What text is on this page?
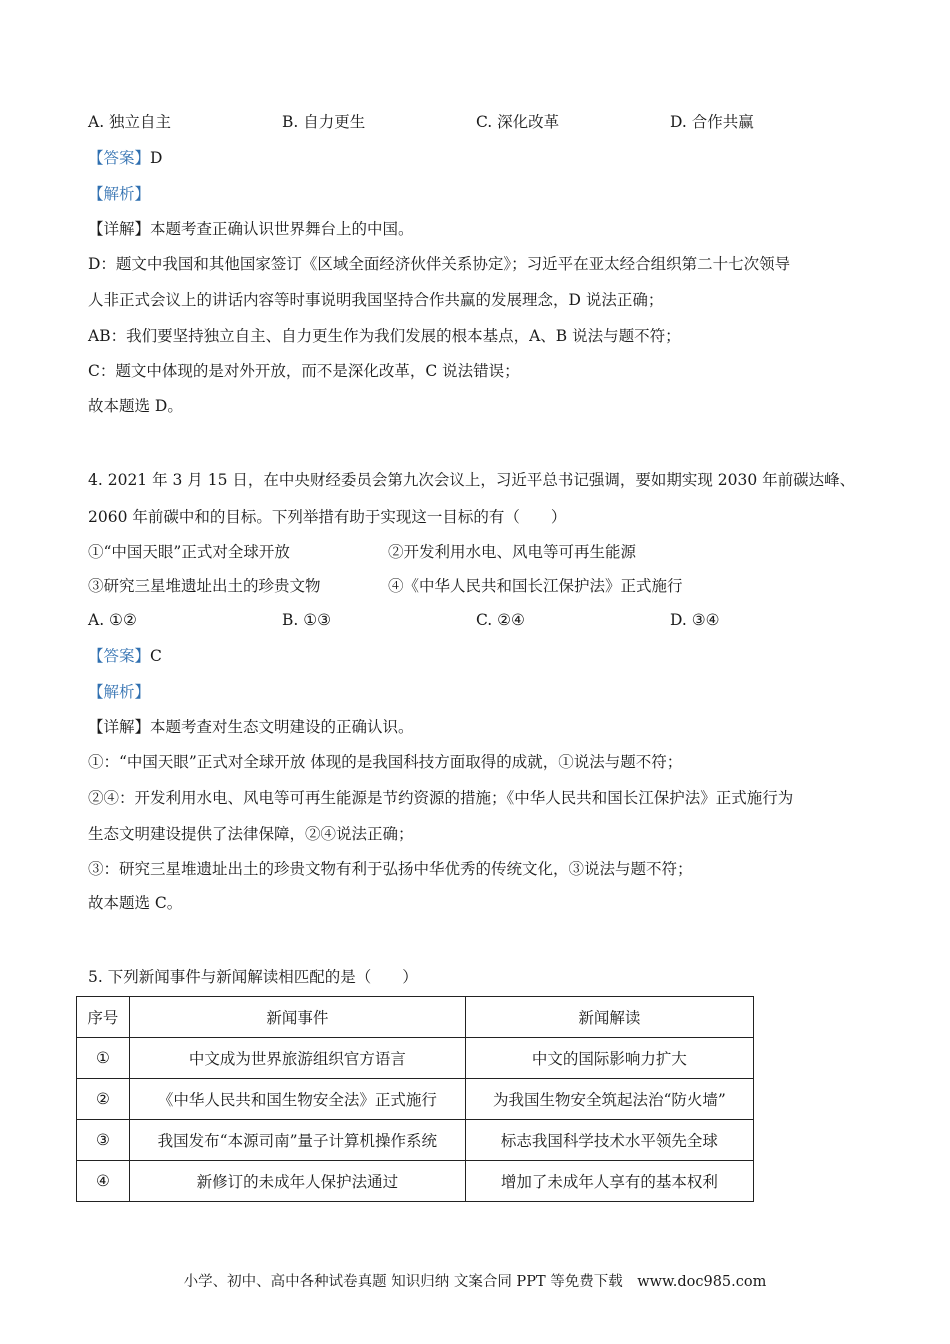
A. 独立自主	B. 自力更生	C. 深化改革	D. 合作共赢
【答案】D
【解析】
【详解】本题考查正确认识世界舞台上的中国。
D：题文中我国和其他国家签订《区域全面经济伙伴关系协定》；习近平在亚太经合组织第二十七次领导
人非正式会议上的讲话内容等时事说明我国坚持合作共赢的发展理念，D 说法正确；
AB：我们要坚持独立自主、自力更生作为我们发展的根本基点，A、B 说法与题不符；
C：题文中体现的是对外开放，而不是深化改革，C 说法错误；
故本题选 D。
4. 2021 年 3 月 15 日，在中央财经委员会第九次会议上，习近平总书记强调，要如期实现 2030 年前碳达峰、
2060 年前碳中和的目标。下列举措有助于实现这一目标的有（　　）
①“中国天眼”正式对全球开放	②开发利用水电、风电等可再生能源
③研究三星堆遗址出土的珍贵文物	④《中华人民共和国长江保护法》正式施行
A. ①②	B. ①③	C. ②④	D. ③④
【答案】C
【解析】
【详解】本题考查对生态文明建设的正确认识。
①：“中国天眼”正式对全球开放 体现的是我国科技方面取得的成就，①说法与题不符；
②④：开发利用水电、风电等可再生能源是节约资源的措施；《中华人民共和国长江保护法》正式施行为
生态文明建设提供了法律保障，②④说法正确；
③：研究三星堆遗址出土的珍贵文物有利于弘扬中华优秀的传统文化，③说法与题不符；
故本题选 C。
5. 下列新闻事件与新闻解读相匹配的是（　　）
序号	新闻事件	新闻解读
①	中文成为世界旅游组织官方语言	中文的国际影响力扩大
②	《中华人民共和国生物安全法》正式施行	为我国生物安全筑起法治“防火墙”
③	我国发布“本源司南”量子计算机操作系统	标志我国科学技术水平领先全球
④	新修订的未成年人保护法通过	增加了未成年人享有的基本权利
小学、初中、高中各种试卷真题 知识归纳 文案合同 PPT 等免费下载　www.doc985.com
